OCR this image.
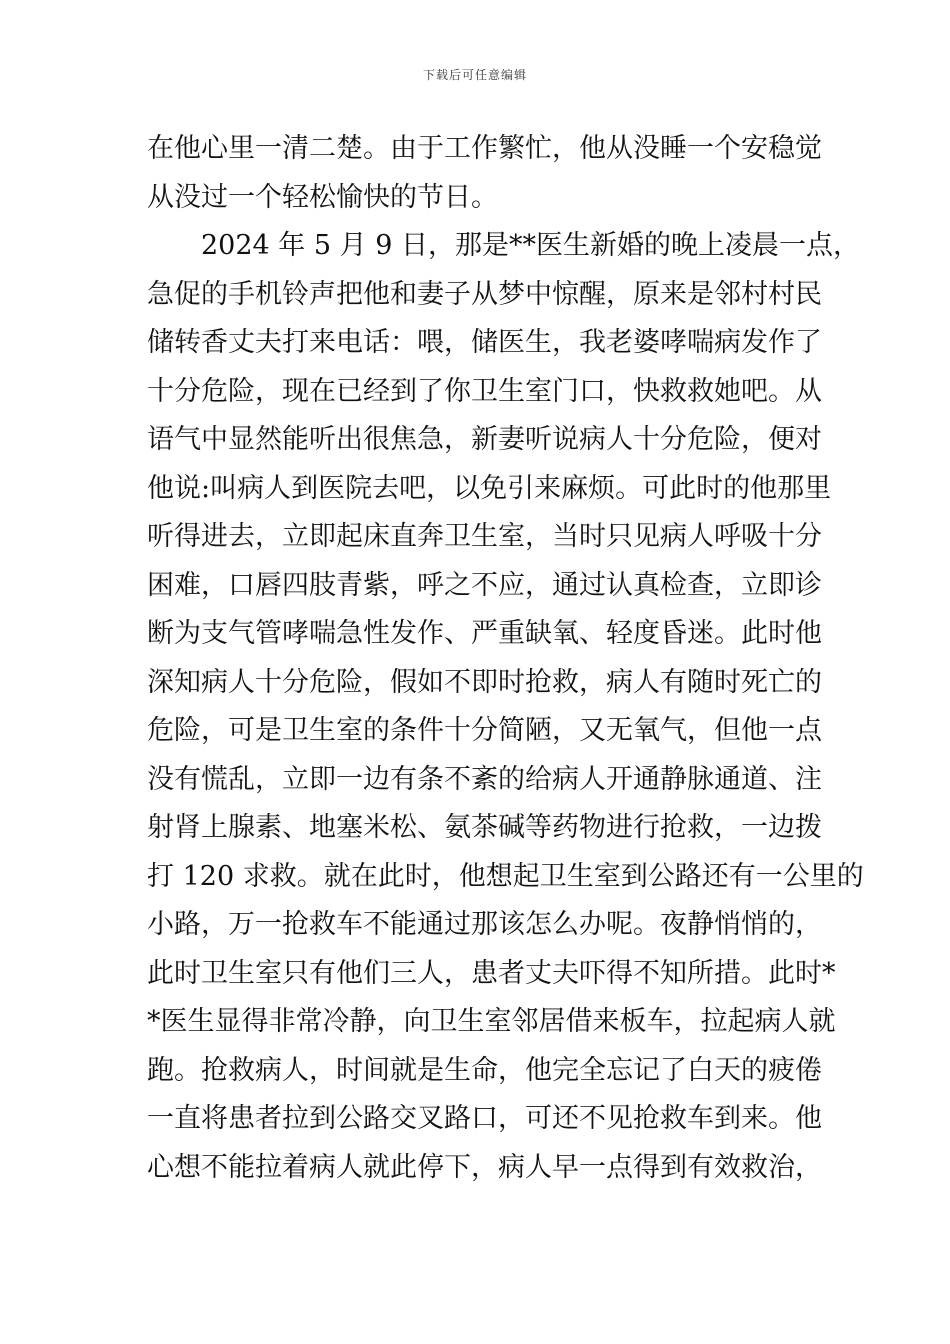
下载后可任意编辑
在他心里一清二楚。由于工作繁忙，他从没睡一个安稳觉
从没过一个轻松愉快的节日。
2024 年 5 月 9 日，那是**医生新婚的晚上凌晨一点，
急促的手机铃声把他和妻子从梦中惊醒，原来是邻村村民
储转香丈夫打来电话：喂，储医生，我老婆哮喘病发作了
十分危险，现在已经到了你卫生室门口，快救救她吧。从
语气中显然能听出很焦急，新妻听说病人十分危险，便对
他说:叫病人到医院去吧，以免引来麻烦。可此时的他那里
听得进去，立即起床直奔卫生室，当时只见病人呼吸十分
困难，口唇四肢青紫，呼之不应，通过认真检查，立即诊
断为支气管哮喘急性发作、严重缺氧、轻度昏迷。此时他
深知病人十分危险，假如不即时抢救，病人有随时死亡的
危险，可是卫生室的条件十分简陋，又无氧气，但他一点
没有慌乱，立即一边有条不紊的给病人开通静脉通道、注
射肾上腺素、地塞米松、氨茶碱等药物进行抢救，一边拨
打 120 求救。就在此时，他想起卫生室到公路还有一公里的
小路，万一抢救车不能通过那该怎么办呢。夜静悄悄的，
此时卫生室只有他们三人，患者丈夫吓得不知所措。此时*
*医生显得非常冷静，向卫生室邻居借来板车，拉起病人就
跑。抢救病人，时间就是生命，他完全忘记了白天的疲倦
一直将患者拉到公路交叉路口，可还不见抢救车到来。他
心想不能拉着病人就此停下，病人早一点得到有效救治，
